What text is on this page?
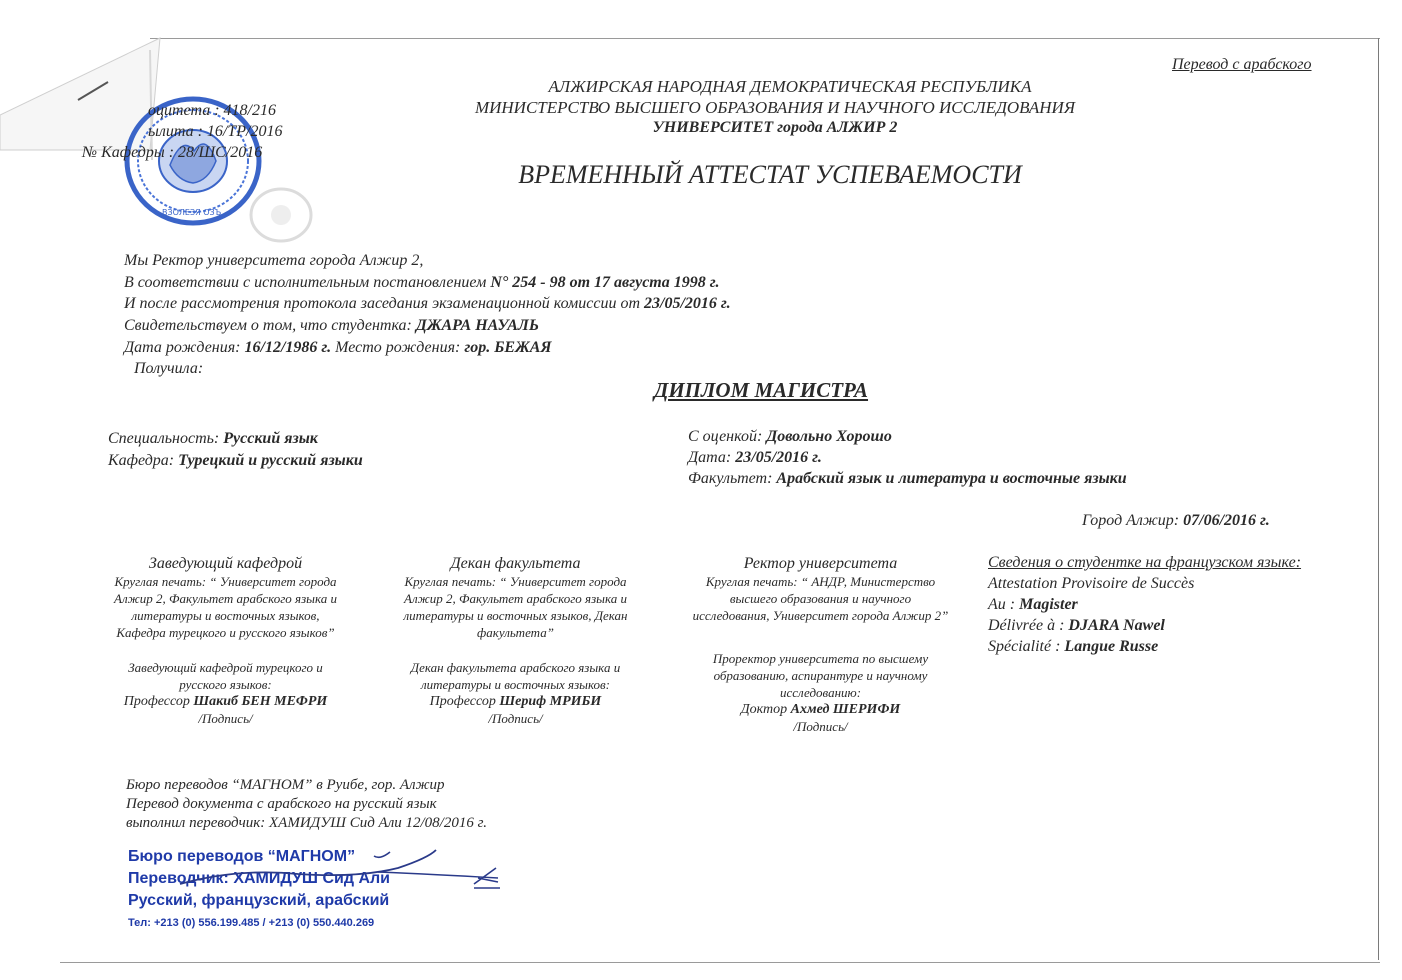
ВЗОЛЕЗЯ ОЗЪ
Перевод с арабского
АЛЖИРСКАЯ НАРОДНАЯ ДЕМОКРАТИЧЕСКАЯ РЕСПУБЛИКА
МИНИСТЕРСТВО ВЫСШЕГО ОБРАЗОВАНИЯ И НАУЧНОГО ИССЛЕДОВАНИЯ
УНИВЕРСИТЕТ города АЛЖИР 2
оцитета : 418/216
ылита : 16/ТР/2016
№ Кафедры : 28/ШС/2016
ВРЕМЕННЫЙ АТТЕСТАТ УСПЕВАЕМОСТИ
Мы Ректор университета города Алжир 2,
В соответствии с исполнительным постановлением N° 254 - 98 от 17 августа 1998 г.
И после рассмотрения протокола заседания экзаменационной комиссии от 23/05/2016 г.
Свидетельствуем о том, что студентка: ДЖАРА НАУАЛЬ
Дата рождения: 16/12/1986 г. Место рождения: гор. БЕЖАЯ
Получила:
ДИПЛОМ МАГИСТРА
Специальность: Русский язык
Кафедра: Турецкий и русский языки
С оценкой: Довольно Хорошо
Дата: 23/05/2016 г.
Факультет: Арабский язык и литература и восточные языки
Город Алжир: 07/06/2016 г.
Заведующий кафедрой
Круглая печать: “ Университет города
Алжир 2, Факультет арабского языка и
литературы и восточных языков,
Кафедра турецкого и русского языков”
Заведующий кафедрой турецкого и
русского языков:
Профессор Шакиб БЕН МЕФРИ
/Подпись/
Декан факультета
Круглая печать: “ Университет города
Алжир 2, Факультет арабского языка и
литературы и восточных языков, Декан
факультета”
Декан факультета арабского языка и
литературы и восточных языков:
Профессор Шериф МРИБИ
/Подпись/
Ректор университета
Круглая печать: “ АНДР, Министерство
высшего образования и научного
исследования, Университет города Алжир 2”
Проректор университета по высшему
образованию, аспирантуре и научному
исследованию:
Доктор Ахмед ШЕРИФИ
/Подпись/
Сведения о студентке на французском языке:
Attestation Provisoire de Succès
Au : Magister
Délivrée à : DJARA Nawel
Spécialité : Langue Russe
Бюро переводов “МАГНОМ” в Руибе, гор. Алжир
Перевод документа с арабского на русский язык
выполнил переводчик: ХАМИДУШ Сид Али 12/08/2016 г.
Бюро переводов “МАГНОМ”
Переводчик: ХАМИДУШ Сид Али
Русский, французский, арабский
Тел: +213 (0) 556.199.485 / +213 (0) 550.440.269
